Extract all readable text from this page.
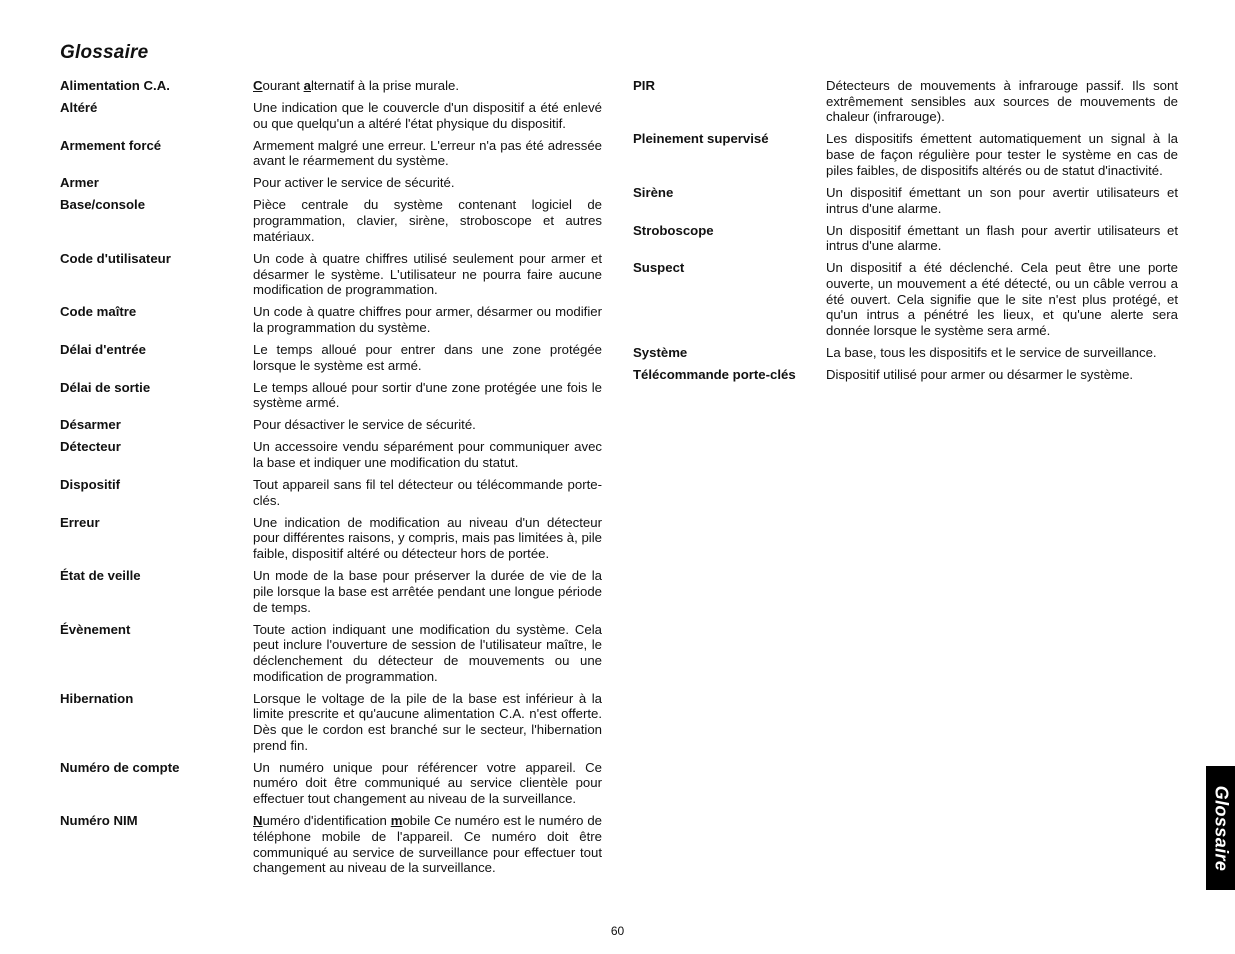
Glossaire
Alimentation C.A.	Courant alternatif à la prise murale.
Altéré	Une indication que le couvercle d'un dispositif a été enlevé ou que quelqu'un a altéré l'état physique du dispositif.
Armement forcé	Armement malgré une erreur. L'erreur n'a pas été adressée avant le réarmement du système.
Armer	Pour activer le service de sécurité.
Base/console	Pièce centrale du système contenant logiciel de programmation, clavier, sirène, stroboscope et autres matériaux.
Code d'utilisateur	Un code à quatre chiffres utilisé seulement pour armer et désarmer le système. L'utilisateur ne pourra faire aucune modification de programmation.
Code maître	Un code à quatre chiffres pour armer, désarmer ou modifier la programmation du système.
Délai d'entrée	Le temps alloué pour entrer dans une zone protégée lorsque le système est armé.
Délai de sortie	Le temps alloué pour sortir d'une zone protégée une fois le système armé.
Désarmer	Pour désactiver le service de sécurité.
Détecteur	Un accessoire vendu séparément pour communiquer avec la base et indiquer une modification du statut.
Dispositif	Tout appareil sans fil tel détecteur ou télécommande porte-clés.
Erreur	Une indication de modification au niveau d'un détecteur pour différentes raisons, y compris, mais pas limitées à, pile faible, dispositif altéré ou détecteur hors de portée.
État de veille	Un mode de la base pour préserver la durée de vie de la pile lorsque la base est arrêtée pendant une longue période de temps.
Évènement	Toute action indiquant une modification du système. Cela peut inclure l'ouverture de session de l'utilisateur maître, le déclenchement du détecteur de mouvements ou une modification de programmation.
Hibernation	Lorsque le voltage de la pile de la base est inférieur à la limite prescrite et qu'aucune alimentation C.A. n'est offerte. Dès que le cordon est branché sur le secteur, l'hibernation prend fin.
Numéro de compte	Un numéro unique pour référencer votre appareil. Ce numéro doit être communiqué au service clientèle pour effectuer tout changement au niveau de la surveillance.
Numéro NIM	Numéro d'identification mobile Ce numéro est le numéro de téléphone mobile de l'appareil. Ce numéro doit être communiqué au service de surveillance pour effectuer tout changement au niveau de la surveillance.
PIR	Détecteurs de mouvements à infrarouge passif. Ils sont extrêmement sensibles aux sources de mouvements de chaleur (infrarouge).
Pleinement supervisé	Les dispositifs émettent automatiquement un signal à la base de façon régulière pour tester le système en cas de piles faibles, de dispositifs altérés ou de statut d'inactivité.
Sirène	Un dispositif émettant un son pour avertir utilisateurs et intrus d'une alarme.
Stroboscope	Un dispositif émettant un flash pour avertir utilisateurs et intrus d'une alarme.
Suspect	Un dispositif a été déclenché. Cela peut être une porte ouverte, un mouvement a été détecté, ou un câble verrou a été ouvert. Cela signifie que le site n'est plus protégé, et qu'un intrus a pénétré les lieux, et qu'une alerte sera donnée lorsque le système sera armé.
Système	La base, tous les dispositifs et le service de surveillance.
Télécommande porte-clés	Dispositif utilisé pour armer ou désarmer le système.
Glossaire
60
